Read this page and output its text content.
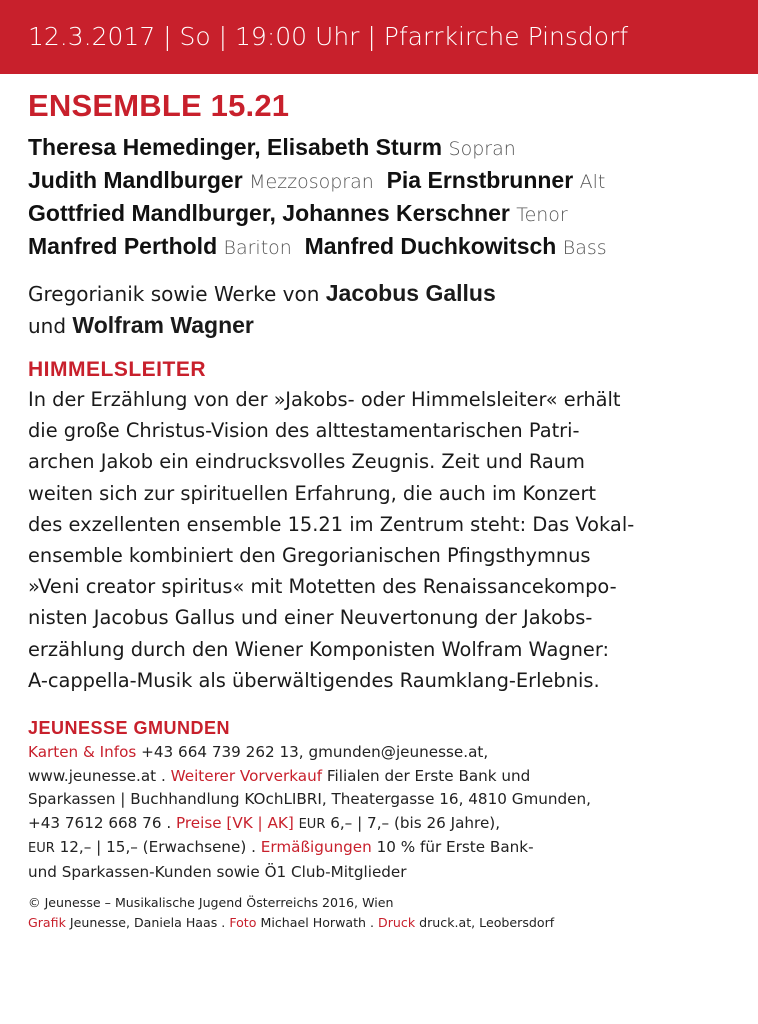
12.3.2017 | So | 19:00 Uhr | Pfarrkirche Pinsdorf
ENSEMBLE 15.21
Theresa Hemedinger, Elisabeth Sturm Sopran
Judith Mandlburger Mezzosopran Pia Ernstbrunner Alt
Gottfried Mandlburger, Johannes Kerschner Tenor
Manfred Perthold Bariton Manfred Duchkowitsch Bass
Gregorianik sowie Werke von Jacobus Gallus
und Wolfram Wagner
HIMMELSLEITER
In der Erzählung von der »Jakobs- oder Himmelsleiter« erhält
die große Christus-Vision des alttestamentarischen Patri-
archen Jakob ein eindrucksvolles Zeugnis. Zeit und Raum
weiten sich zur spirituellen Erfahrung, die auch im Konzert
des exzellenten ensemble 15.21 im Zentrum steht: Das Vokal-
ensemble kombiniert den Gregorianischen Pfingsthymnus
»Veni creator spiritus« mit Motetten des Renaissancekompo-
nisten Jacobus Gallus und einer Neuvertonung der Jakobs-
erzählung durch den Wiener Komponisten Wolfram Wagner:
A-cappella-Musik als überwältigendes Raumklang-Erlebnis.
JEUNESSE GMUNDEN
Karten & Infos +43 664 739 262 13, gmunden@jeunesse.at,
www.jeunesse.at . Weiterer Vorverkauf Filialen der Erste Bank und
Sparkassen | Buchhandlung KOchLIBRI, Theatergasse 16, 4810 Gmunden,
+43 7612 668 76 . Preise [VK | AK] EUR 6,– | 7,– (bis 26 Jahre),
EUR 12,– | 15,– (Erwachsene) . Ermäßigungen 10 % für Erste Bank-
und Sparkassen-Kunden sowie Ö1 Club-Mitglieder
© Jeunesse – Musikalische Jugend Österreichs 2016, Wien
Grafik Jeunesse, Daniela Haas . Foto Michael Horwath . Druck druck.at, Leobersdorf
